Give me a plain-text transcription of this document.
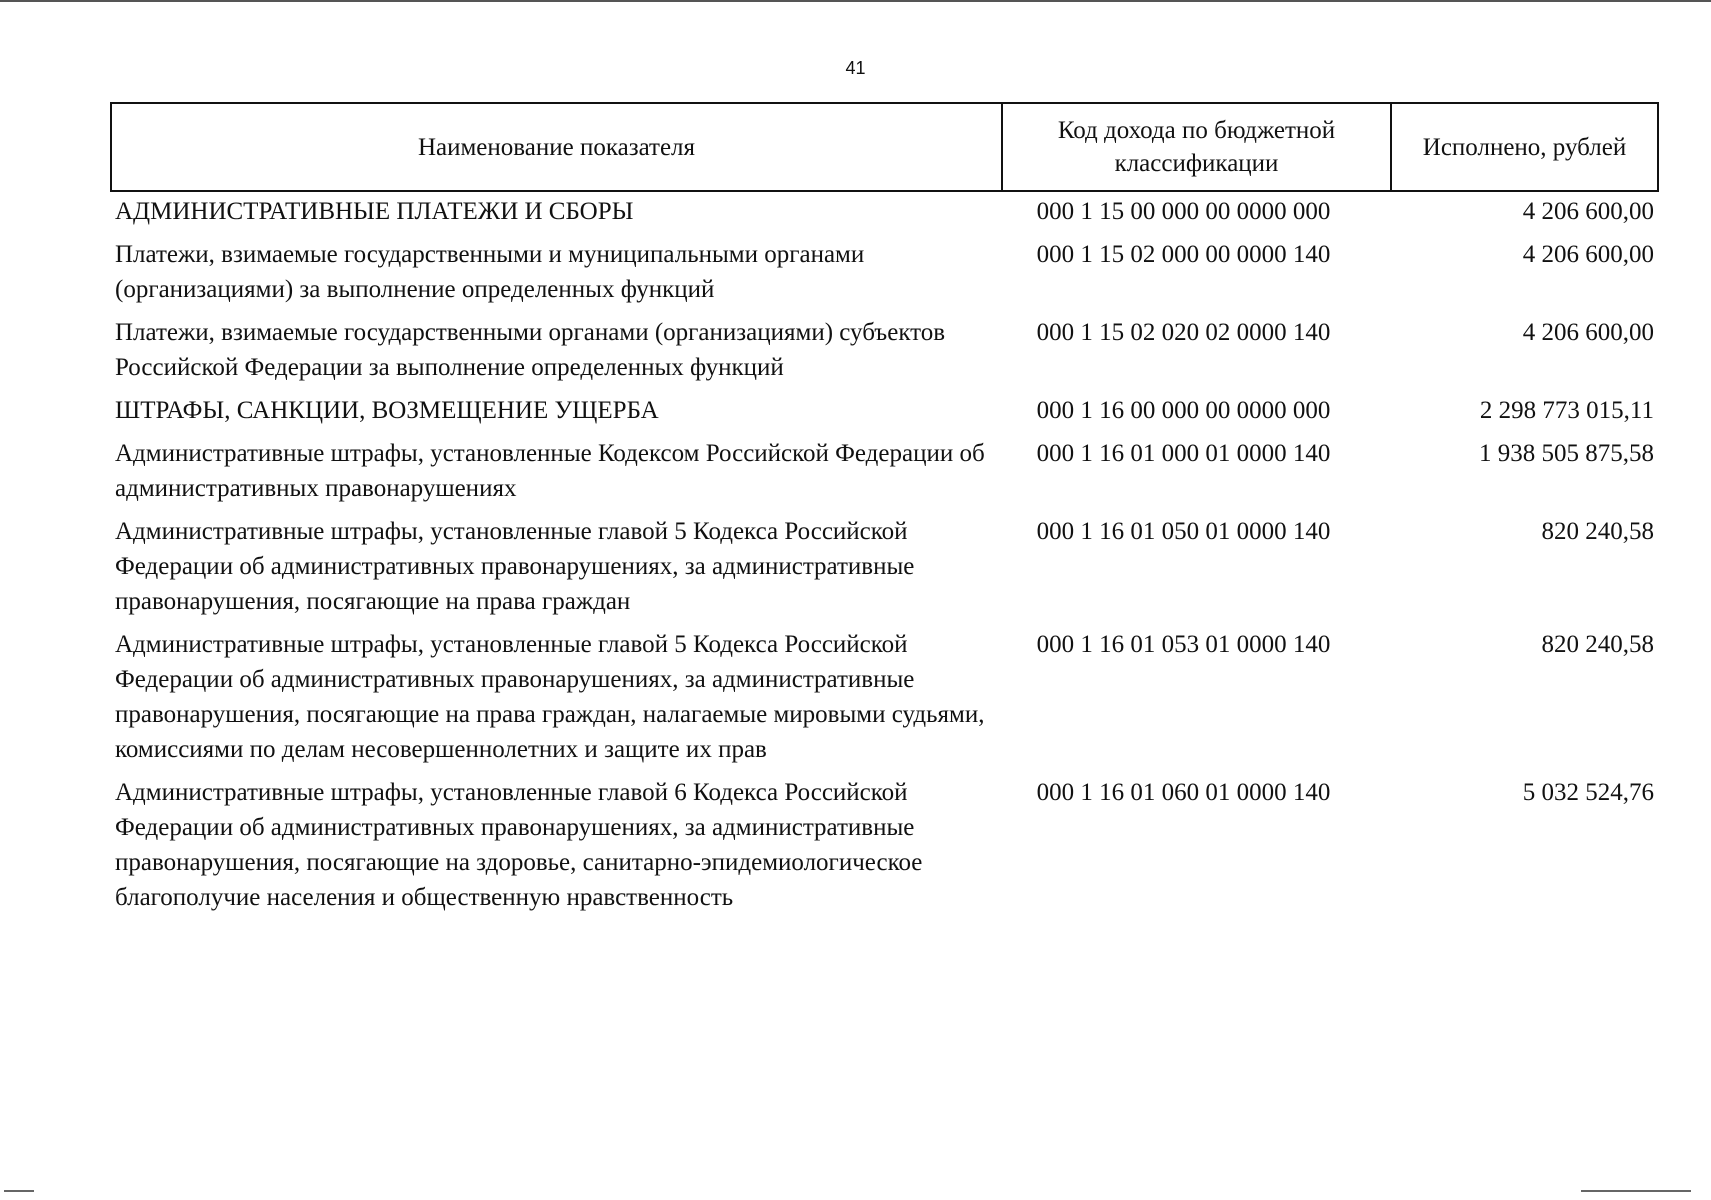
41
Наименование показателя	Код дохода по бюджетной классификации	Исполнено, рублей
АДМИНИСТРАТИВНЫЕ ПЛАТЕЖИ И СБОРЫ	000 1 15 00 000 00 0000 000	4 206 600,00
Платежи, взимаемые государственными и муниципальными органами (организациями) за выполнение определенных функций	000 1 15 02 000 00 0000 140	4 206 600,00
Платежи, взимаемые государственными органами (организациями) субъектов Российской Федерации за выполнение определенных функций	000 1 15 02 020 02 0000 140	4 206 600,00
ШТРАФЫ, САНКЦИИ, ВОЗМЕЩЕНИЕ УЩЕРБА	000 1 16 00 000 00 0000 000	2 298 773 015,11
Административные штрафы, установленные Кодексом Российской Федерации об административных правонарушениях	000 1 16 01 000 01 0000 140	1 938 505 875,58
Административные штрафы, установленные главой 5 Кодекса Российской Федерации об административных правонарушениях, за административные правонарушения, посягающие на права граждан	000 1 16 01 050 01 0000 140	820 240,58
Административные штрафы, установленные главой 5 Кодекса Российской Федерации об административных правонарушениях, за административные правонарушения, посягающие на права граждан, налагаемые мировыми судьями, комиссиями по делам несовершеннолетних и защите их прав	000 1 16 01 053 01 0000 140	820 240,58
Административные штрафы, установленные главой 6 Кодекса Российской Федерации об административных правонарушениях, за административные правонарушения, посягающие на здоровье, санитарно-эпидемиологическое благополучие населения и общественную нравственность	000 1 16 01 060 01 0000 140	5 032 524,76
